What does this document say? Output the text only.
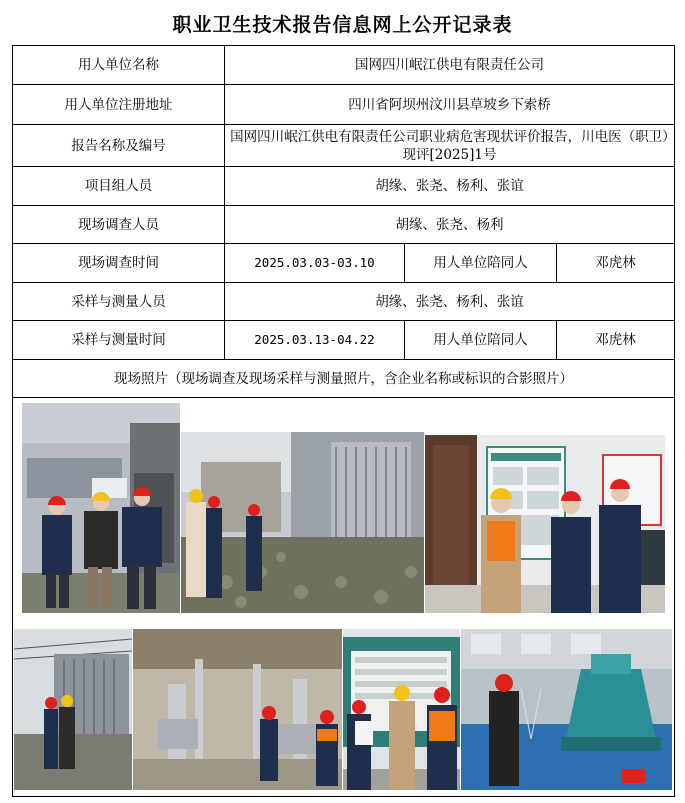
职业卫生技术报告信息网上公开记录表
用人单位名称	国网四川岷江供电有限责任公司		
用人单位注册地址	四川省阿坝州汶川县草坡乡下索桥		
报告名称及编号	国网四川岷江供电有限责任公司职业病危害现状评价报告，川电医（职卫）现评[2025]1号		
项目组人员	胡缘、张尧、杨利、张谊		
现场调查人员	胡缘、张尧、杨利		
现场调查时间	2025.03.03-03.10	用人单位陪同人	邓虎林
采样与测量人员	胡缘、张尧、杨利、张谊		
采样与测量时间	2025.03.13-04.22	用人单位陪同人	邓虎林
现场照片（现场调查及现场采样与测量照片，含企业名称或标识的合影照片）			
